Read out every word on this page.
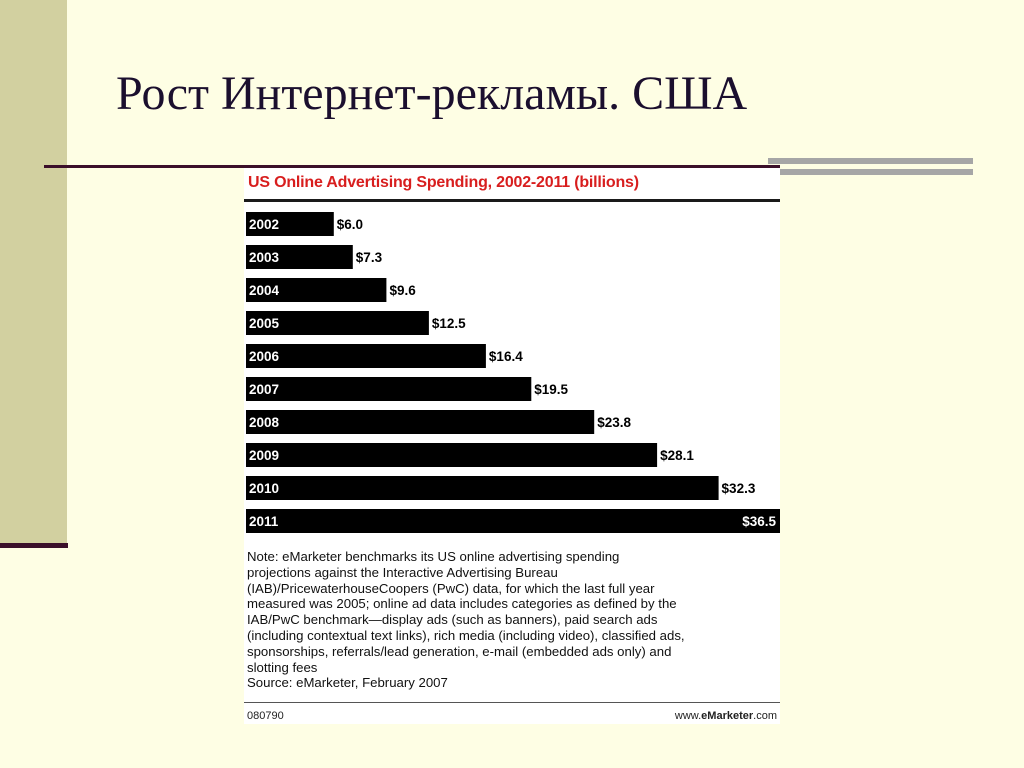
Рост Интернет-рекламы. США
US Online Advertising Spending, 2002-2011 (billions)
2002	$6.0
2003	$7.3
2004	$9.6
2005	$12.5
2006	$16.4
2007	$19.5
2008	$23.8
2009	$28.1
2010	$32.3
2011	$36.5
Note: eMarketer benchmarks its US online advertising spending
projections against the Interactive Advertising Bureau
(IAB)/PricewaterhouseCoopers (PwC) data, for which the last full year
measured was 2005; online ad data includes categories as defined by the
IAB/PwC benchmark—display ads (such as banners), paid search ads
(including contextual text links), rich media (including video), classified ads,
sponsorships, referrals/lead generation, e-mail (embedded ads only) and
slotting fees
Source: eMarketer, February 2007
080790	www.eMarketer.com
